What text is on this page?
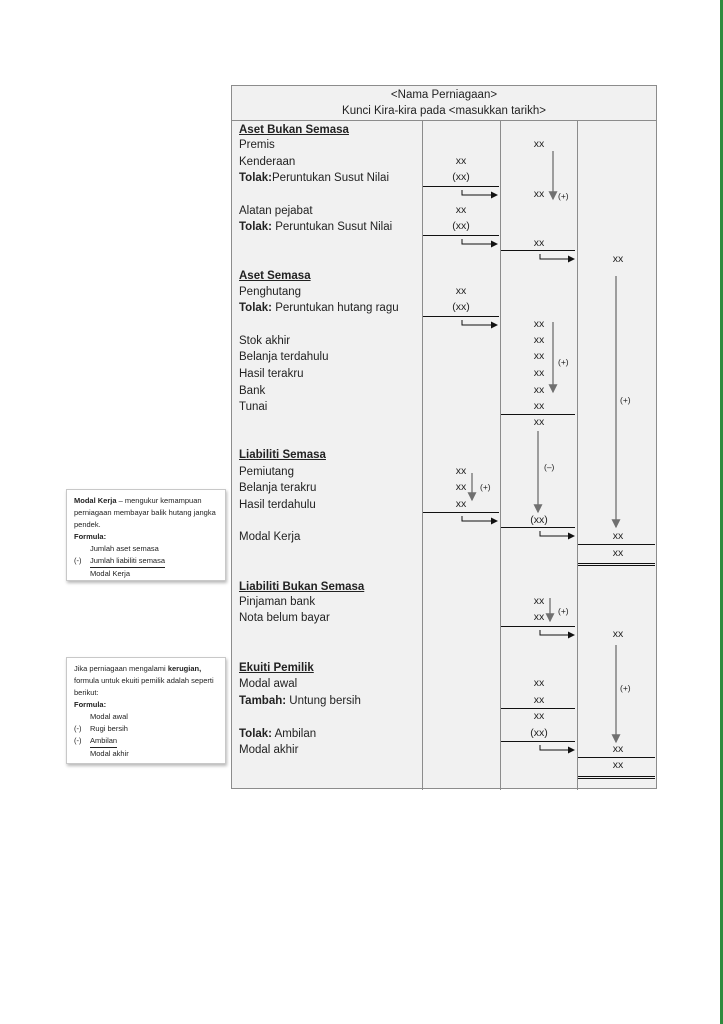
<Nama Perniagaan>
Kunci Kira-kira pada <masukkan tarikh>
Aset Bukan Semasa
Premis
Kenderaan
Tolak:Peruntukan Susut Nilai
Alatan pejabat
Tolak: Peruntukan Susut Nilai
Aset Semasa
Penghutang
Tolak: Peruntukan hutang ragu
Stok akhir
Belanja terdahulu
Hasil terakru
Bank
Tunai
Liabiliti Semasa
Pemiutang
Belanja terakru
Hasil terdahulu
Modal Kerja
Liabiliti Bukan Semasa
Pinjaman bank
Nota belum bayar
Ekuiti Pemilik
Modal awal
Tambah: Untung bersih
Tolak: Ambilan
Modal akhir
xx
(xx)
xx
(xx)
xx
(xx)
xx
xx
xx
xx
xx
xx
xx
xx
xx
xx
xx
xx
xx
(xx)
xx
xx
xx
xx
xx
(xx)
xx
xx
xx
xx
xx
xx
(+)
(+)
(+)
(–)
(+)
(+)
(+)
Modal Kerja – mengukur kemampuan perniagaan membayar balik hutang jangka pendek.
Formula:
Jumlah aset semasa
(-) Jumlah liabiliti semasa
Modal Kerja
Jika perniagaan mengalami kerugian, formula untuk ekuiti pemilik adalah seperti berikut:
Formula:
Modal awal
(-) Rugi bersih
(-) Ambilan
Modal akhir
